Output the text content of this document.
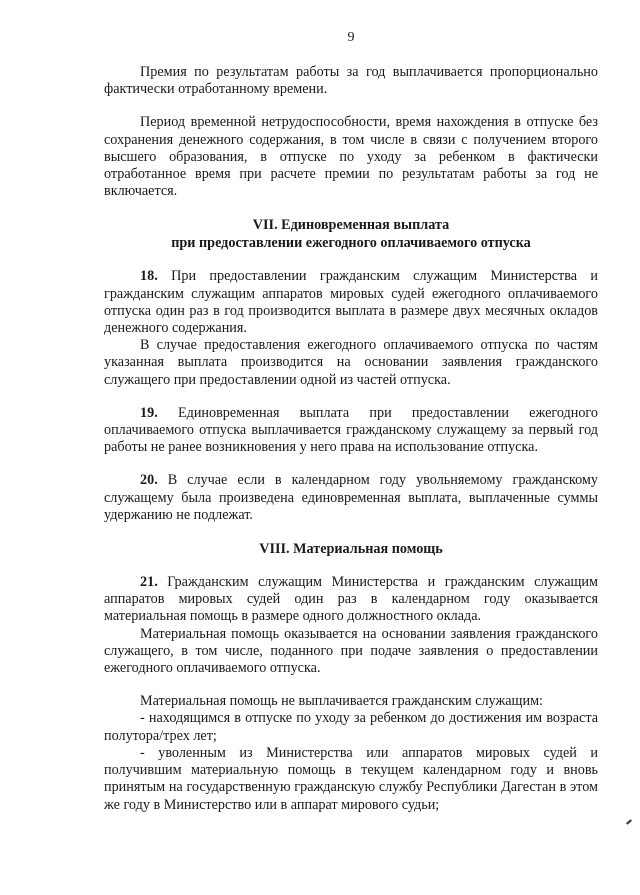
9

Премия по результатам работы за год выплачивается пропорционально фактически отработанному времени.

Период временной нетрудоспособности, время нахождения в отпуске без сохранения денежного содержания, в том числе в связи с получением второго высшего образования, в отпуске по уходу за ребенком в фактически отработанное время при расчете премии по результатам работы за год не включается.

VII. Единовременная выплата

при предоставлении ежегодного оплачиваемого отпуска

18. При предоставлении гражданским служащим Министерства и гражданским служащим аппаратов мировых судей ежегодного оплачиваемого отпуска один раз в год производится выплата в размере двух месячных окладов денежного содержания.

В случае предоставления ежегодного оплачиваемого отпуска по частям указанная выплата производится на основании заявления гражданского служащего при предоставлении одной из частей отпуска.

19. Единовременная выплата при предоставлении ежегодного оплачиваемого отпуска выплачивается гражданскому служащему за первый год работы не ранее возникновения у него права на использование отпуска.

20. В случае если в календарном году увольняемому гражданскому служащему была произведена единовременная выплата, выплаченные суммы удержанию не подлежат.

VIII. Материальная помощь

21. Гражданским служащим Министерства и гражданским служащим аппаратов мировых судей один раз в календарном году оказывается материальная помощь в размере одного должностного оклада.

Материальная помощь оказывается на основании заявления гражданского служащего, в том числе, поданного при подаче заявления о предоставлении ежегодного оплачиваемого отпуска.

Материальная помощь не выплачивается гражданским служащим:

- находящимся в отпуске по уходу за ребенком до достижения им возраста полутора/трех лет;

- уволенным из Министерства или аппаратов мировых судей и получившим материальную помощь в текущем календарном году и вновь принятым на государственную гражданскую службу Республики Дагестан в этом же году в Министерство или в аппарат мирового судьи;
